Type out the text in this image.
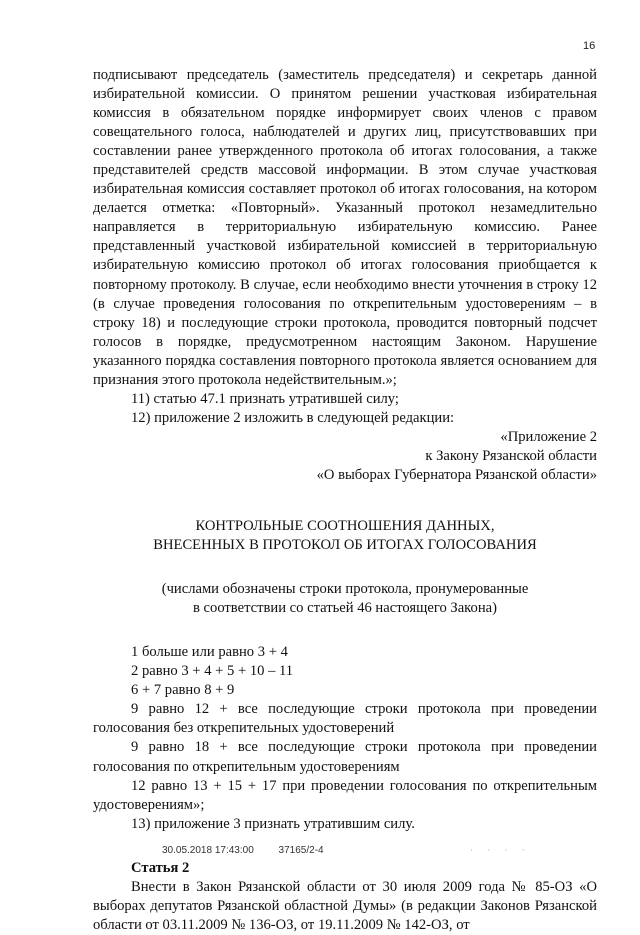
16

подписывают председатель (заместитель председателя) и секретарь данной избирательной комиссии. О принятом решении участковая избирательная комиссия в обязательном порядке информирует своих членов с правом совещательного голоса, наблюдателей и других лиц, присутствовавших при составлении ранее утвержденного протокола об итогах голосования, а также представителей средств массовой информации. В этом случае участковая избирательная комиссия составляет протокол об итогах голосования, на котором делается отметка: «Повторный». Указанный протокол незамедлительно направляется в территориальную избирательную комиссию. Ранее представленный участковой избирательной комиссией в территориальную избирательную комиссию протокол об итогах голосования приобщается к повторному протоколу. В случае, если необходимо внести уточнения в строку 12 (в случае проведения голосования по открепительным удостоверениям – в строку 18) и последующие строки протокола, проводится повторный подсчет голосов в порядке, предусмотренном настоящим Законом. Нарушение указанного порядка составления повторного протокола является основанием для признания этого протокола недействительным.»;

11) статью 47.1 признать утратившей силу;

12) приложение 2 изложить в следующей редакции:

«Приложение 2

к Закону Рязанской области

«О выборах Губернатора Рязанской области»

КОНТРОЛЬНЫЕ СООТНОШЕНИЯ ДАННЫХ,

ВНЕСЕННЫХ В ПРОТОКОЛ ОБ ИТОГАХ ГОЛОСОВАНИЯ

(числами обозначены строки протокола, пронумерованные

в соответствии со статьей 46 настоящего Закона)

1 больше или равно 3 + 4

2 равно 3 + 4 + 5 + 10 – 11

6 + 7 равно 8 + 9

9 равно 12 + все последующие строки протокола при проведении голосования без открепительных удостоверений

9 равно 18 + все последующие строки протокола при проведении голосования по открепительным удостоверениям

12 равно 13 + 15 + 17 при проведении голосования по открепительным удостоверениям»;

13) приложение 3 признать утратившим силу.

Статья 2

Внести в Закон Рязанской области от 30 июля 2009 года № 85-ОЗ «О выборах депутатов Рязанской областной Думы» (в редакции Законов Рязанской области от 03.11.2009 № 136-ОЗ, от 19.11.2009 № 142-ОЗ, от

30.05.2018 17:43:00 37165/2-4	· · · ·
